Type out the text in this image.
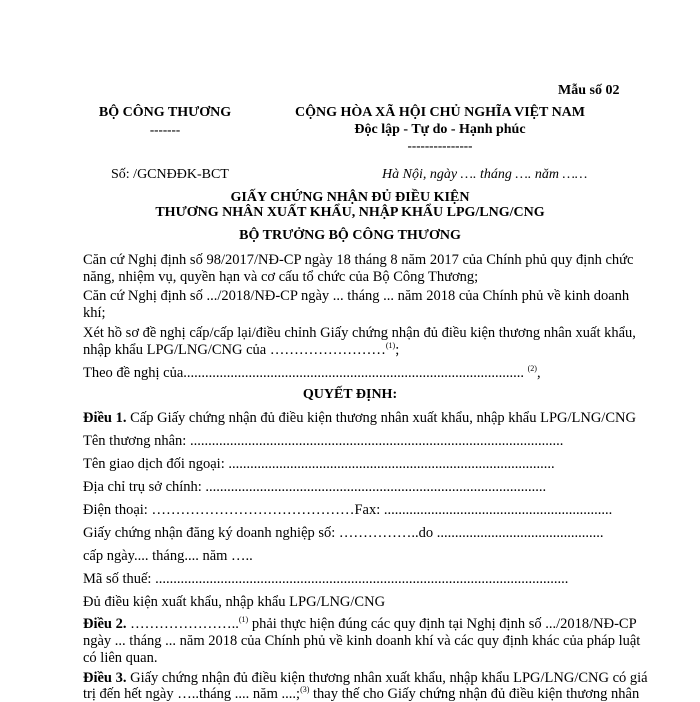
Mẫu số 02
BỘ CÔNG THƯƠNG
-------
CỘNG HÒA XÃ HỘI CHỦ NGHĨA VIỆT NAM
Độc lập - Tự do - Hạnh phúc
---------------
Số: /GCNĐĐK-BCT	Hà Nội, ngày …. tháng …. năm ……
GIẤY CHỨNG NHẬN ĐỦ ĐIỀU KIỆN
THƯƠNG NHÂN XUẤT KHẨU, NHẬP KHẨU LPG/LNG/CNG
BỘ TRƯỞNG BỘ CÔNG THƯƠNG
Căn cứ Nghị định số 98/2017/NĐ-CP ngày 18 tháng 8 năm 2017 của Chính phủ quy định chức
năng, nhiệm vụ, quyền hạn và cơ cấu tổ chức của Bộ Công Thương;
Căn cứ Nghị định số .../2018/NĐ-CP ngày ... tháng ... năm 2018 của Chính phủ về kinh doanh
khí;
Xét hồ sơ đề nghị cấp/cấp lại/điều chỉnh Giấy chứng nhận đủ điều kiện thương nhân xuất khẩu,
nhập khẩu LPG/LNG/CNG của ……………………$^{(1)}$;
Theo đề nghị của.............................................................................................. $^{(2)}$,
QUYẾT ĐỊNH:
Điều 1. Cấp Giấy chứng nhận đủ điều kiện thương nhân xuất khẩu, nhập khẩu LPG/LNG/CNG
Tên thương nhân: .......................................................................................................
Tên giao dịch đối ngoại: ..........................................................................................
Địa chỉ trụ sở chính: ..............................................................................................
Điện thoại: ……………………………………Fax: ...............................................................
Giấy chứng nhận đăng ký doanh nghiệp số: ……………..do ..............................................
cấp ngày.... tháng.... năm …..
Mã số thuế: ..................................................................................................................
Đủ điều kiện xuất khẩu, nhập khẩu LPG/LNG/CNG
Điều 2. …………………..$^{(1)}$ phải thực hiện đúng các quy định tại Nghị định số .../2018/NĐ-CP
ngày ... tháng ... năm 2018 của Chính phủ về kinh doanh khí và các quy định khác của pháp luật
có liên quan.
Điều 3. Giấy chứng nhận đủ điều kiện thương nhân xuất khẩu, nhập khẩu LPG/LNG/CNG có giá
trị đến hết ngày …..tháng .... năm ....;$^{(3)}$ thay thế cho Giấy chứng nhận đủ điều kiện thương nhân
